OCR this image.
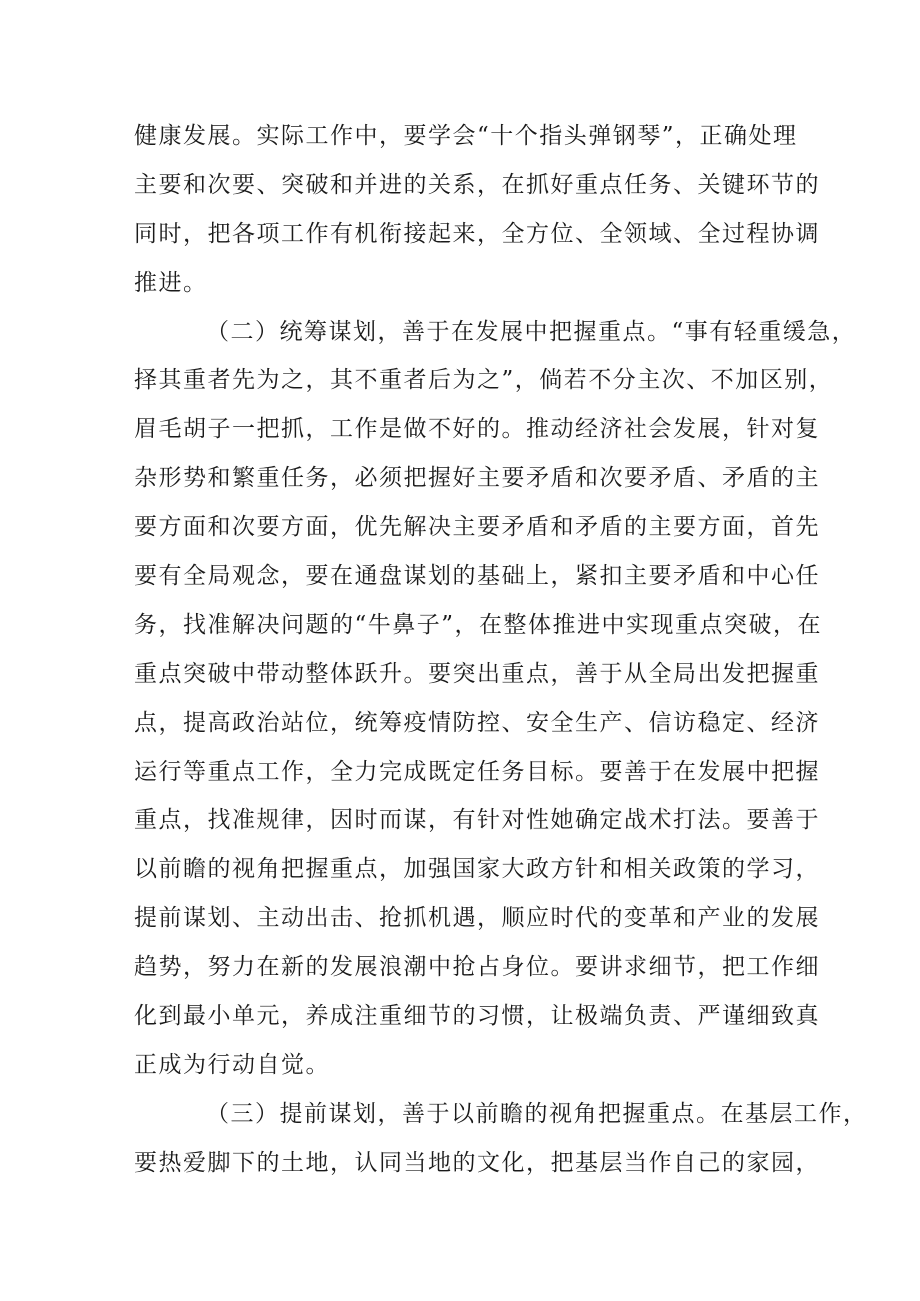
健康发展。实际工作中，要学会“十个指头弹钢琴”，正确处理
主要和次要、突破和并进的关系，在抓好重点任务、关键环节的
同时，把各项工作有机衔接起来，全方位、全领域、全过程协调
推进。
（二）统筹谋划，善于在发展中把握重点。“事有轻重缓急，
择其重者先为之，其不重者后为之”，倘若不分主次、不加区别，
眉毛胡子一把抓，工作是做不好的。推动经济社会发展，针对复
杂形势和繁重任务，必须把握好主要矛盾和次要矛盾、矛盾的主
要方面和次要方面，优先解决主要矛盾和矛盾的主要方面，首先
要有全局观念，要在通盘谋划的基础上，紧扣主要矛盾和中心任
务，找准解决问题的“牛鼻子”，在整体推进中实现重点突破，在
重点突破中带动整体跃升。要突出重点，善于从全局出发把握重
点，提高政治站位，统筹疫情防控、安全生产、信访稳定、经济
运行等重点工作，全力完成既定任务目标。要善于在发展中把握
重点，找准规律，因时而谋，有针对性她确定战术打法。要善于
以前瞻的视角把握重点，加强国家大政方针和相关政策的学习，
提前谋划、主动出击、抢抓机遇，顺应时代的变革和产业的发展
趋势，努力在新的发展浪潮中抢占身位。要讲求细节，把工作细
化到最小单元，养成注重细节的习惯，让极端负责、严谨细致真
正成为行动自觉。
（三）提前谋划，善于以前瞻的视角把握重点。在基层工作，
要热爱脚下的土地，认同当地的文化，把基层当作自己的家园，
